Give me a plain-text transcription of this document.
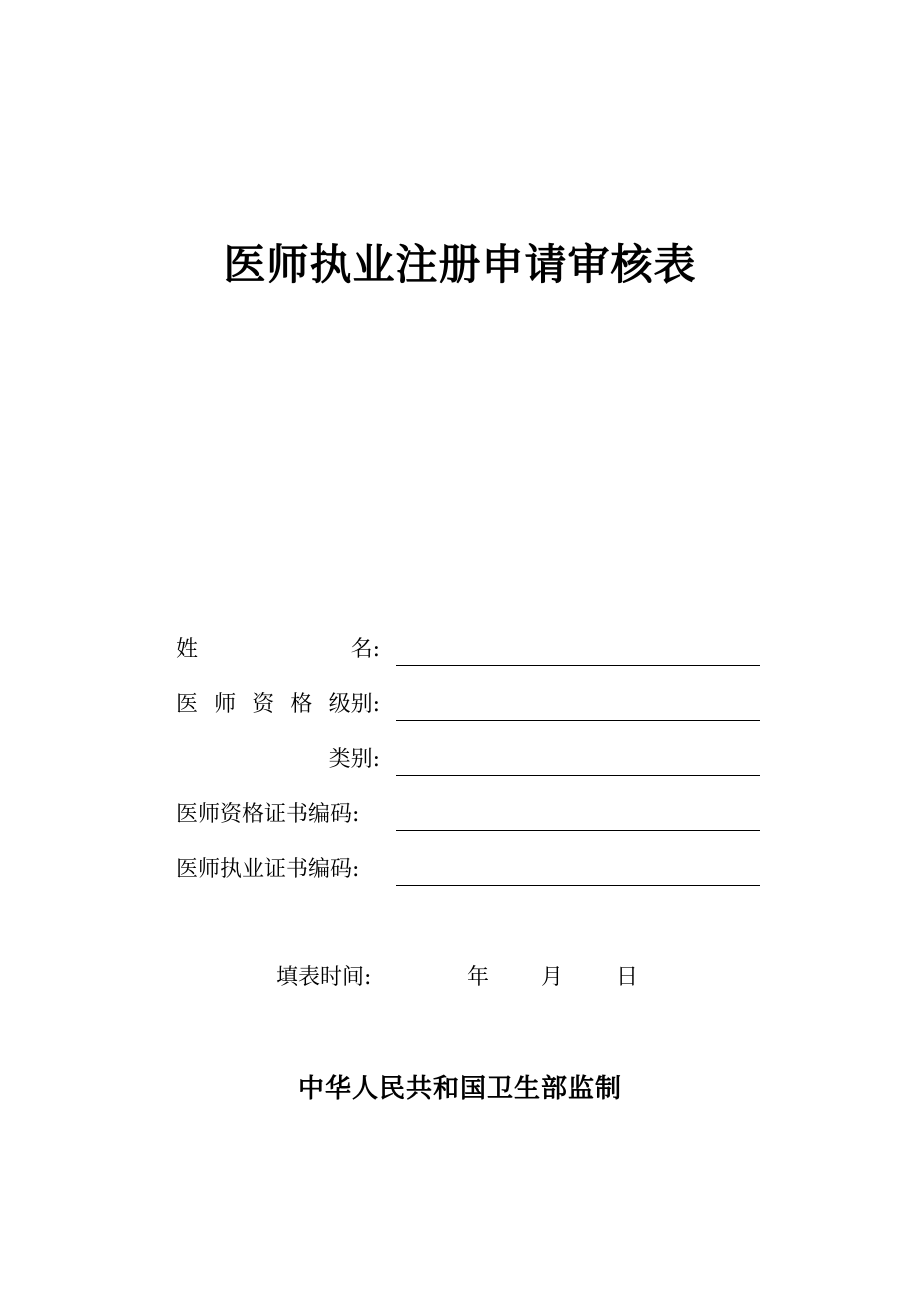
医师执业注册申请审核表
姓	名:
医 师 资 格 级别:
类别:
医师资格证书编码:
医师执业证书编码:
填表时间:	年 月 日
中华人民共和国卫生部监制
